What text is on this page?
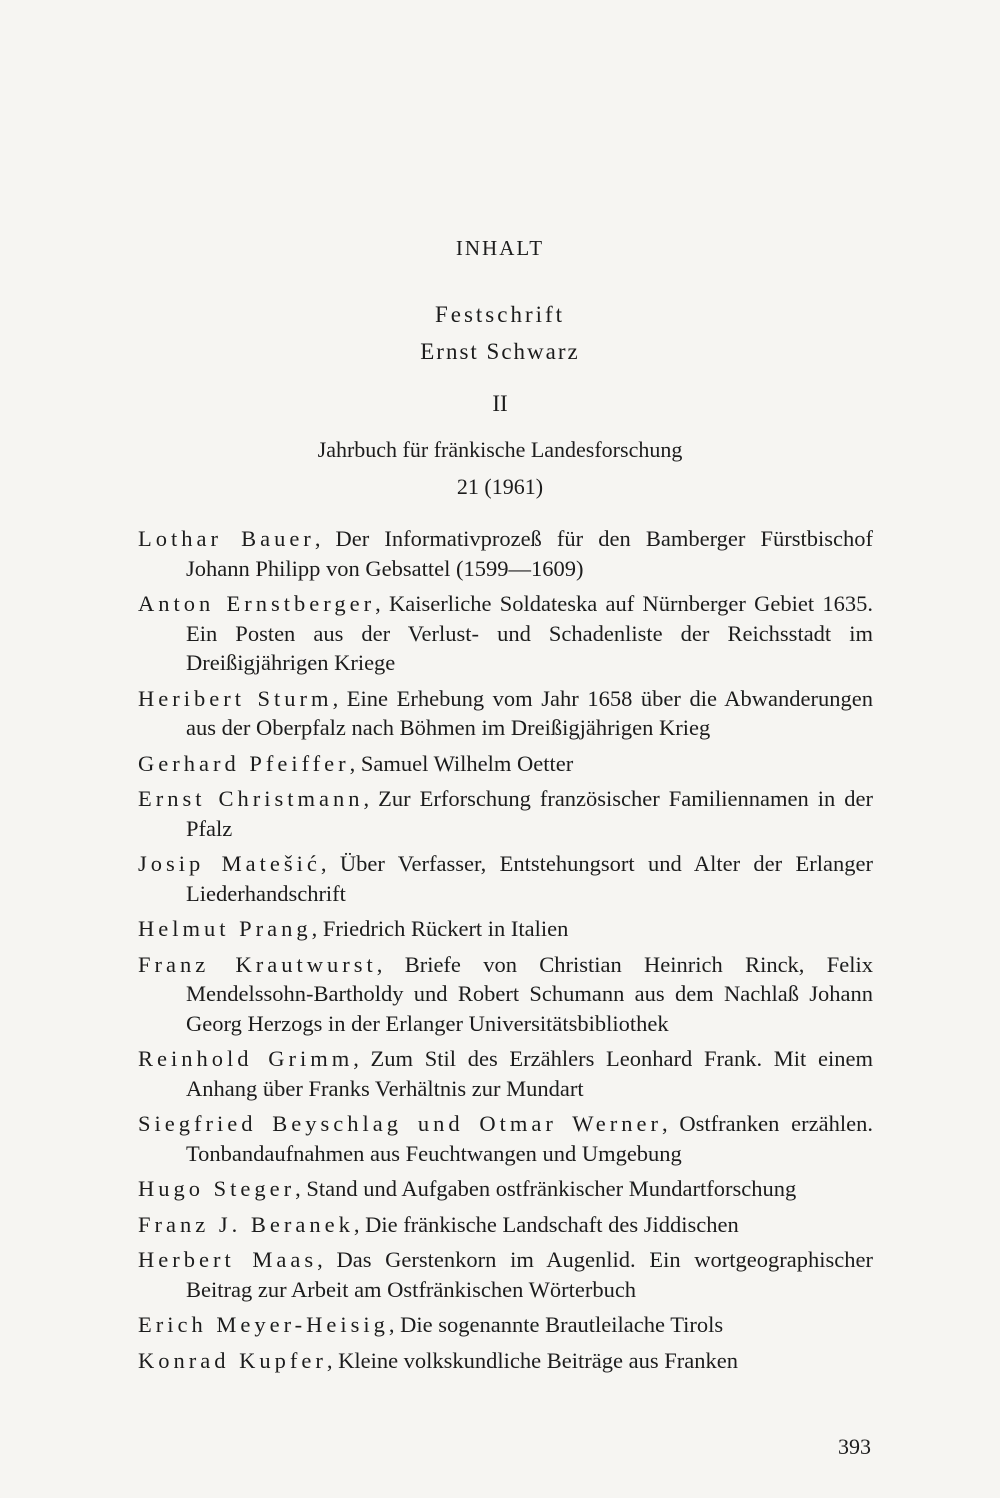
INHALT
Festschrift
Ernst Schwarz
II
Jahrbuch für fränkische Landesforschung
21 (1961)
Lothar Bauer, Der Informativprozeß für den Bamberger Fürstbischof Johann Philipp von Gebsattel (1599—1609)
Anton Ernstberger, Kaiserliche Soldateska auf Nürnberger Gebiet 1635. Ein Posten aus der Verlust- und Schadenliste der Reichsstadt im Dreißigjährigen Kriege
Heribert Sturm, Eine Erhebung vom Jahr 1658 über die Abwanderungen aus der Oberpfalz nach Böhmen im Dreißigjährigen Krieg
Gerhard Pfeiffer, Samuel Wilhelm Oetter
Ernst Christmann, Zur Erforschung französischer Familiennamen in der Pfalz
Josip Matešić, Über Verfasser, Entstehungsort und Alter der Erlanger Liederhandschrift
Helmut Prang, Friedrich Rückert in Italien
Franz Krautwurst, Briefe von Christian Heinrich Rinck, Felix Mendelssohn-Bartholdy und Robert Schumann aus dem Nachlaß Johann Georg Herzogs in der Erlanger Universitätsbibliothek
Reinhold Grimm, Zum Stil des Erzählers Leonhard Frank. Mit einem Anhang über Franks Verhältnis zur Mundart
Siegfried Beyschlag und Otmar Werner, Ostfranken erzählen. Tonbandaufnahmen aus Feuchtwangen und Umgebung
Hugo Steger, Stand und Aufgaben ostfränkischer Mundartforschung
Franz J. Beranek, Die fränkische Landschaft des Jiddischen
Herbert Maas, Das Gerstenkorn im Augenlid. Ein wortgeographischer Beitrag zur Arbeit am Ostfränkischen Wörterbuch
Erich Meyer-Heisig, Die sogenannte Brautleilache Tirols
Konrad Kupfer, Kleine volkskundliche Beiträge aus Franken
393
